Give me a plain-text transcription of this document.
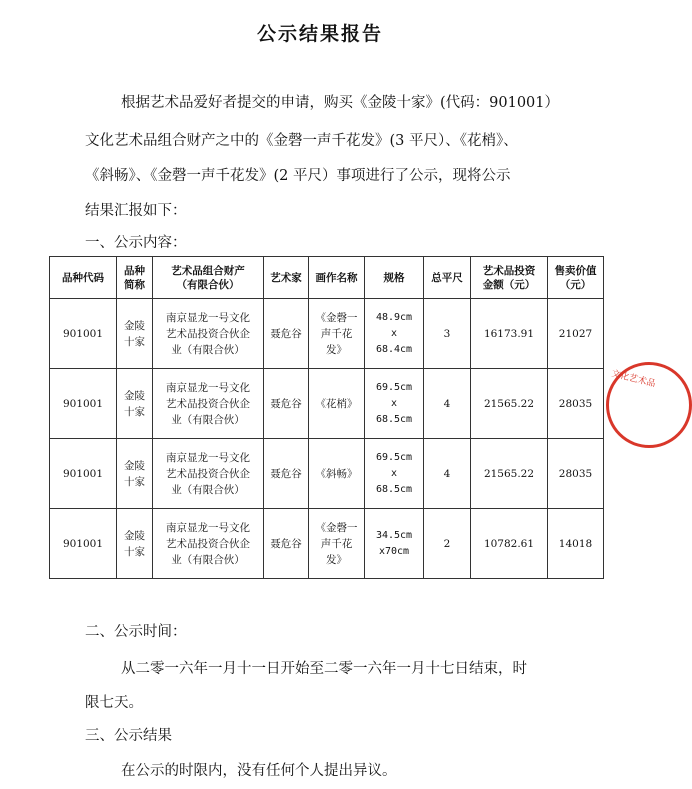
公示结果报告
根据艺术品爱好者提交的申请，购买《金陵十家》(代码：901001）
文化艺术品组合财产之中的《金磬一声千花发》(3 平尺）、《花梢》、
《斜畅》、《金磬一声千花发》(2 平尺）事项进行了公示，现将公示
结果汇报如下：
一、公示内容：
品种代码	品种
简称	艺术品组合财产
（有限合伙）	艺术家	画作名称	规格	总平尺	艺术品投资
金额（元）	售卖价值
（元）

901001	金陵
十家	南京显龙一号文化
艺术品投资合伙企
业（有限合伙）	聂危谷	《金磬一
声千花
发》	48.9cm
x
68.4cm	3	16173.91	21027
901001	金陵
十家	南京显龙一号文化
艺术品投资合伙企
业（有限合伙）	聂危谷	《花梢》	69.5cm
x
68.5cm	4	21565.22	28035
901001	金陵
十家	南京显龙一号文化
艺术品投资合伙企
业（有限合伙）	聂危谷	《斜畅》	69.5cm
x
68.5cm	4	21565.22	28035
901001	金陵
十家	南京显龙一号文化
艺术品投资合伙企
业（有限合伙）	聂危谷	《金磬一
声千花
发》	34.5cm
x70cm	2	10782.61	14018
文化艺术品
二、公示时间：
从二零一六年一月十一日开始至二零一六年一月十七日结束，时
限七天。
三、公示结果
在公示的时限内，没有任何个人提出异议。
